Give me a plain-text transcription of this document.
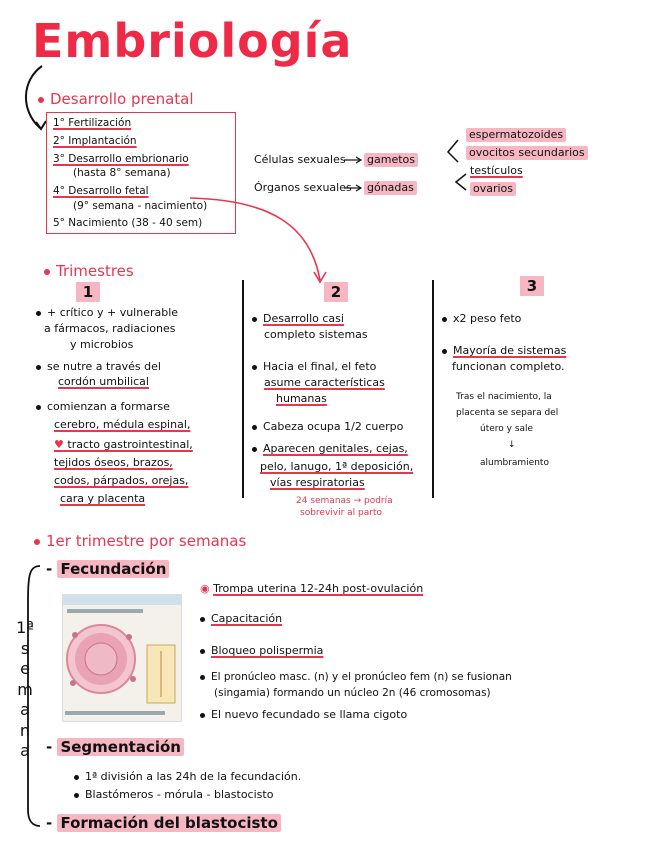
Embriología
Desarrollo prenatal
1° Fertilización
2° Implantación
3° Desarrollo embrionario
(hasta 8° semana)
4° Desarrollo fetal
(9° semana - nacimiento)
5° Nacimiento (38 - 40 sem)
Células sexuales gametos
Órganos sexuales gónadas
espermatozoides
ovocitos secundarios
testículos
ovarios
Trimestres
1	2	3
+ crítico y + vulnerable
a fármacos, radiaciones
y microbios
se nutre a través del
cordón umbilical
comienzan a formarse
cerebro, médula espinal,
♥ tracto gastrointestinal,
tejidos óseos, brazos,
codos, párpados, orejas,
cara y placenta
Desarrollo casi
completo sistemas
Hacia el final, el feto
asume características
humanas
Cabeza ocupa 1/2 cuerpo
Aparecen genitales, cejas,
pelo, lanugo, 1ª deposición,
vías respiratorias
24 semanas → podría
sobrevivir al parto
x2 peso feto
Mayoría de sistemas
funcionan completo.
Tras el nacimiento, la
placenta se separa del
útero y sale
↓
alumbramiento
1er trimestre por semanas
1ª
s
e
m
a
n
a
- Fecundación
◉ Trompa uterina 12-24h post-ovulación
Capacitación
Bloqueo polispermia
El pronúcleo masc. (n) y el pronúcleo fem (n) se fusionan
(singamia) formando un núcleo 2n (46 cromosomas)
El nuevo fecundado se llama cigoto
- Segmentación
1ª división a las 24h de la fecundación.
Blastómeros - mórula - blastocisto
- Formación del blastocisto
